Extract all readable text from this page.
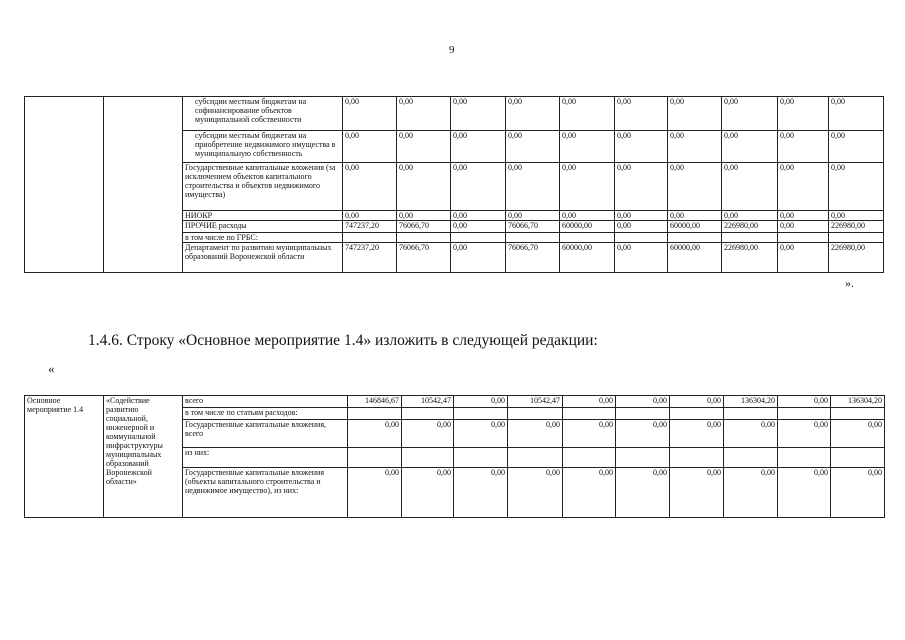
9
		субсидии местным бюджетам на софинансирование объектов муниципальной собственности	0,00	0,00	0,00	0,00	0,00	0,00	0,00	0,00	0,00	0,00
		субсидии местным бюджетам на приобретение недвижимого имущества в муниципальную собственность	0,00	0,00	0,00	0,00	0,00	0,00	0,00	0,00	0,00	0,00
		Государственные капитальные вложения (за исключением объектов капитального строительства и объектов недвижимого имущества)	0,00	0,00	0,00	0,00	0,00	0,00	0,00	0,00	0,00	0,00
		НИОКР	0,00	0,00	0,00	0,00	0,00	0,00	0,00	0,00	0,00	0,00
		ПРОЧИЕ расходы	747237,20	76066,70	0,00	76066,70	60000,00	0,00	60000,00	226980,00	0,00	226980,00
		в том числе по ГРБС:										
		Департамент по развитию муниципальных образований Воронежской области	747237,20	76066,70	0,00	76066,70	60000,00	0,00	60000,00	226980,00	0,00	226980,00
».
1.4.6. Строку «Основное мероприятие 1.4» изложить в следующей редакции:
«
Основное мероприятие 1.4	«Содействие развитию социальной, инженерной и коммунальной инфраструктуры муниципальных образований Воронежской области»	всего	146846,67	10542,47	0,00	10542,47	0,00	0,00	0,00	136304,20	0,00	136304,20
		в том числе по статьям расходов:										
		Государственные капитальные вложения, всего	0,00	0,00	0,00	0,00	0,00	0,00	0,00	0,00	0,00	0,00
		из них:										
		Государственные капитальные вложения (объекты капитального строительства и недвижимое имущество), из них:	0,00	0,00	0,00	0,00	0,00	0,00	0,00	0,00	0,00	0,00
